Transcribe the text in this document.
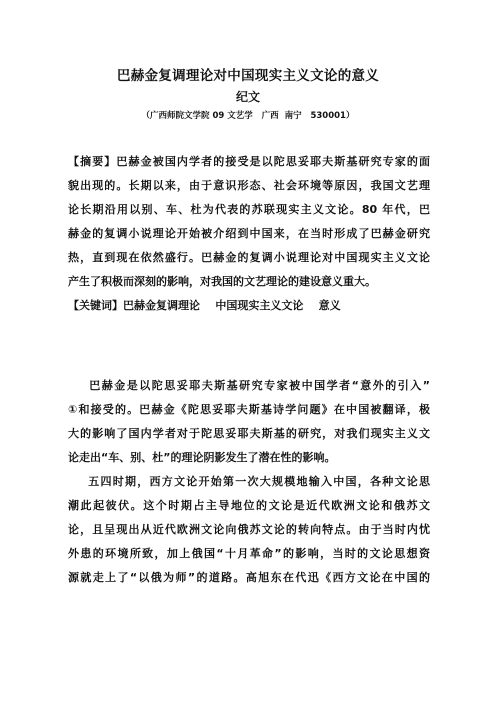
巴赫金复调理论对中国现实主义文论的意义
纪文
（广西师院文学院 09 文艺学   广西  南宁   530001）
【摘要】巴赫金被国内学者的接受是以陀思妥耶夫斯基研究专家的面
貌出现的。长期以来，由于意识形态、社会环境等原因，我国文艺理
论长期沿用以别、车、杜为代表的苏联现实主义文论。80 年代，巴
赫金的复调小说理论开始被介绍到中国来，在当时形成了巴赫金研究
热，直到现在依然盛行。巴赫金的复调小说理论对中国现实主义文论
产生了积极而深刻的影响，对我国的文艺理论的建设意义重大。
【关键词】巴赫金复调理论    中国现实主义文论    意义
巴赫金是以陀思妥耶夫斯基研究专家被中国学者“意外的引入”
①和接受的。巴赫金《陀思妥耶夫斯基诗学问题》在中国被翻译，极
大的影响了国内学者对于陀思妥耶夫斯基的研究，对我们现实主义文
论走出“车、别、杜”的理论阴影发生了潜在性的影响。
五四时期，西方文论开始第一次大规模地输入中国，各种文论思
潮此起彼伏。这个时期占主导地位的文论是近代欧洲文论和俄苏文
论，且呈现出从近代欧洲文论向俄苏文论的转向特点。由于当时内忧
外患的环境所致，加上俄国“十月革命”的影响，当时的文论思想资
源就走上了“以俄为师”的道路。高旭东在代迅《西方文论在中国的
